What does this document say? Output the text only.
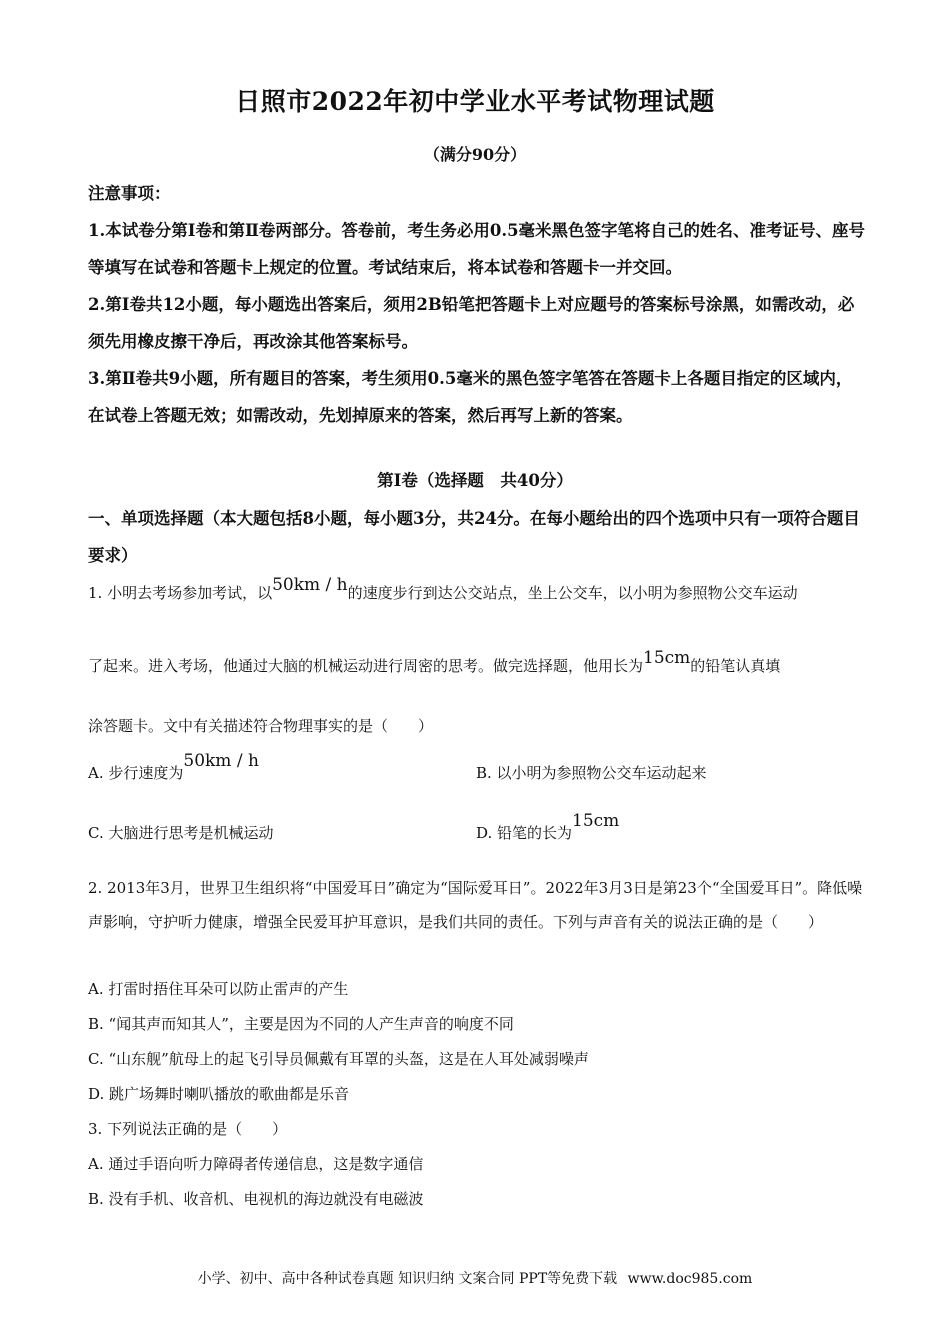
日照市2022年初中学业水平考试物理试题
（满分90分）

注意事项：

1.本试卷分第Ⅰ卷和第Ⅱ卷两部分。答卷前，考生务必用0.5毫米黑色签字笔将自己的姓名、准考证号、座号等填写在试卷和答题卡上规定的位置。考试结束后，将本试卷和答题卡一并交回。

2.第Ⅰ卷共12小题，每小题选出答案后，须用2B铅笔把答题卡上对应题号的答案标号涂黑，如需改动，必须先用橡皮擦干净后，再改涂其他答案标号。

3.第Ⅱ卷共9小题，所有题目的答案，考生须用0.5毫米的黑色签字笔答在答题卡上各题目指定的区域内，在试卷上答题无效；如需改动，先划掉原来的答案，然后再写上新的答案。

第Ⅰ卷（选择题　共40分）
一、单项选择题（本大题包括8小题，每小题3分，共24分。在每小题给出的四个选项中只有一项符合题目要求）
1. 小明去考场参加考试，以50km / h的速度步行到达公交站点，坐上公交车，以小明为参照物公交车运动
了起来。进入考场，他通过大脑的机械运动进行周密的思考。做完选择题，他用长为15cm的铅笔认真填
涂答题卡。文中有关描述符合物理事实的是（　　）
A. 步行速度为50km / h
B. 以小明为参照物公交车运动起来
C. 大脑进行思考是机械运动	D. 铅笔的长为15cm
2. 2013年3月，世界卫生组织将“中国爱耳日”确定为“国际爱耳日”。2022年3月3日是第23个“全国爱耳日”。降低噪声影响，守护听力健康，增强全民爱耳护耳意识，是我们共同的责任。下列与声音有关的说法正确的是（　　）
A. 打雷时捂住耳朵可以防止雷声的产生
B. “闻其声而知其人”，主要是因为不同的人产生声音的响度不同
C. “山东舰”航母上的起飞引导员佩戴有耳罩的头盔，这是在人耳处减弱噪声
D. 跳广场舞时喇叭播放的歌曲都是乐音
3. 下列说法正确的是（　　）
A. 通过手语向听力障碍者传递信息，这是数字通信
B. 没有手机、收音机、电视机的海边就没有电磁波
小学、初中、高中各种试卷真题 知识归纳 文案合同 PPT等免费下载 www.doc985.com
